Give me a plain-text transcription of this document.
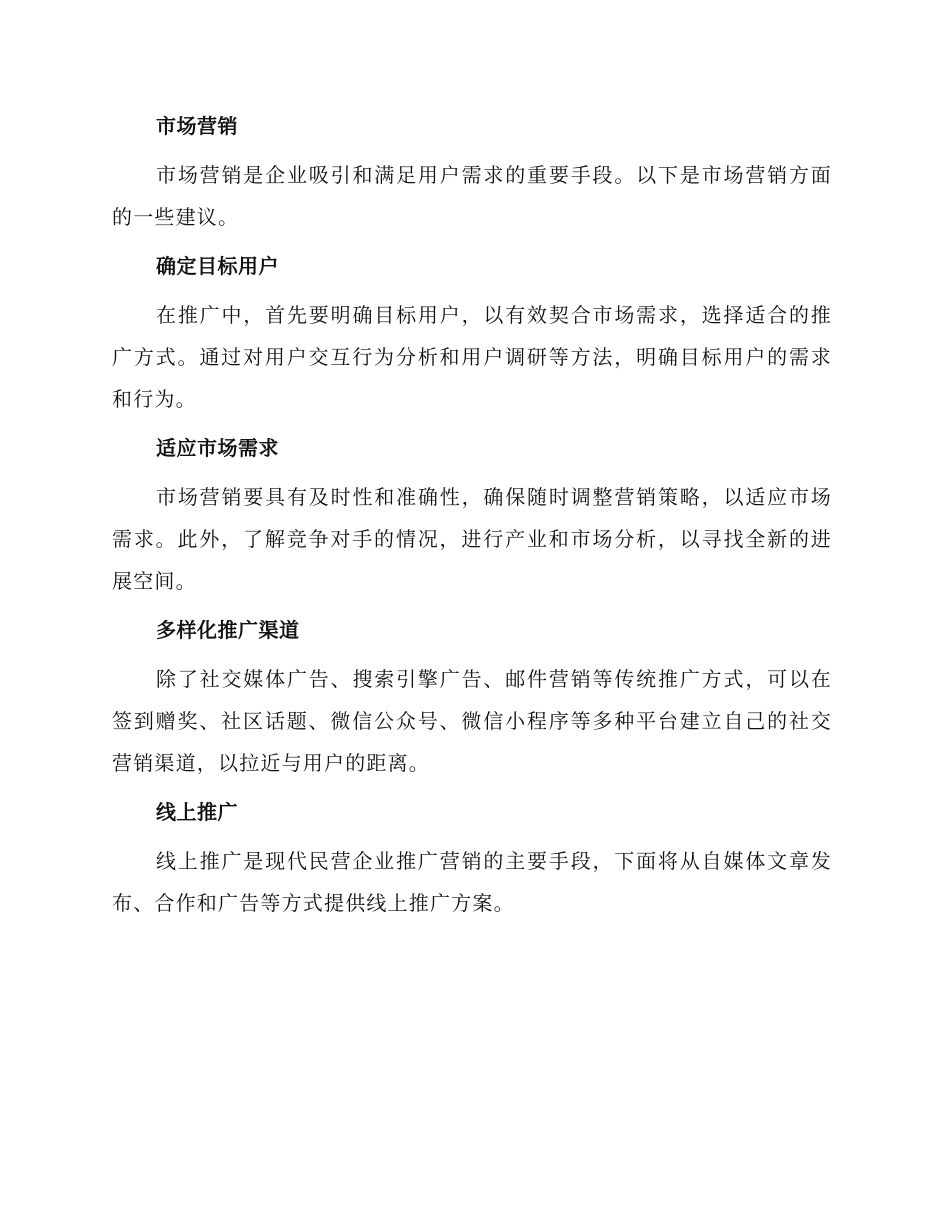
市场营销

市场营销是企业吸引和满足用户需求的重要手段。以下是市场营销方面的一些建议。

确定目标用户

在推广中，首先要明确目标用户，以有效契合市场需求，选择适合的推广方式。通过对用户交互行为分析和用户调研等方法，明确目标用户的需求和行为。

适应市场需求

市场营销要具有及时性和准确性，确保随时调整营销策略，以适应市场需求。此外，了解竞争对手的情况，进行产业和市场分析，以寻找全新的进展空间。

多样化推广渠道

除了社交媒体广告、搜索引擎广告、邮件营销等传统推广方式，可以在签到赠奖、社区话题、微信公众号、微信小程序等多种平台建立自己的社交营销渠道，以拉近与用户的距离。

线上推广

线上推广是现代民营企业推广营销的主要手段，下面将从自媒体文章发布、合作和广告等方式提供线上推广方案。
